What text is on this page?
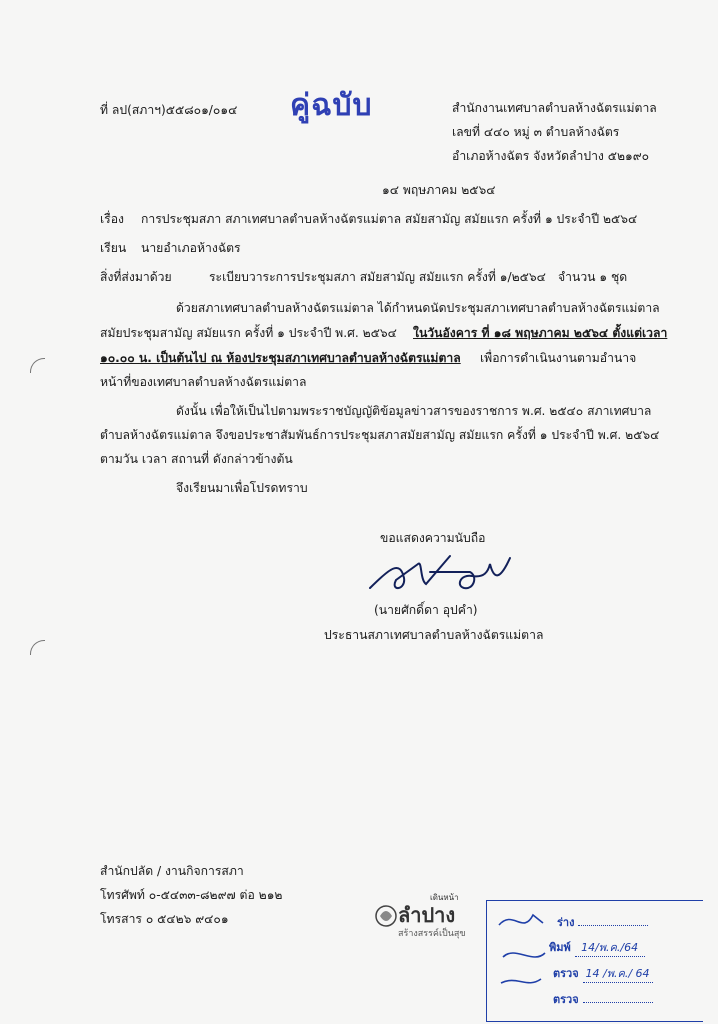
ที่ ลป(สภาฯ)๕๕๘๐๑/๐๑๔ คู่ฉบับ	สำนักงานเทศบาลตำบลห้างฉัตรแม่ตาล
เลขที่ ๔๔๐ หมู่ ๓ ตำบลห้างฉัตร
อำเภอห้างฉัตร จังหวัดลำปาง ๕๒๑๙๐
๑๔ พฤษภาคม ๒๕๖๔
เรื่อง การประชุมสภา สภาเทศบาลตำบลห้างฉัตรแม่ตาล สมัยสามัญ สมัยแรก ครั้งที่ ๑ ประจำปี ๒๕๖๔
เรียน นายอำเภอห้างฉัตร
สิ่งที่ส่งมาด้วย	ระเบียบวาระการประชุมสภา สมัยสามัญ สมัยแรก ครั้งที่ ๑/๒๕๖๔ จำนวน ๑ ชุด
ด้วยสภาเทศบาลตำบลห้างฉัตรแม่ตาล ได้กำหนดนัดประชุมสภาเทศบาลตำบลห้างฉัตรแม่ตาล
สมัยประชุมสามัญ สมัยแรก ครั้งที่ ๑ ประจำปี พ.ศ. ๒๕๖๔ ในวันอังคาร ที่ ๑๘ พฤษภาคม ๒๕๖๔ ตั้งแต่เวลา
๑๐.๐๐ น. เป็นต้นไป ณ ห้องประชุมสภาเทศบาลตำบลห้างฉัตรแม่ตาล เพื่อการดำเนินงานตามอำนาจ
หน้าที่ของเทศบาลตำบลห้างฉัตรแม่ตาล
ดังนั้น เพื่อให้เป็นไปตามพระราชบัญญัติข้อมูลข่าวสารของราชการ พ.ศ. ๒๕๔๐ สภาเทศบาล
ตำบลห้างฉัตรแม่ตาล จึงขอประชาสัมพันธ์การประชุมสภาสมัยสามัญ สมัยแรก ครั้งที่ ๑ ประจำปี พ.ศ. ๒๕๖๔
ตามวัน เวลา สถานที่ ดังกล่าวข้างต้น
จึงเรียนมาเพื่อโปรดทราบ
ขอแสดงความนับถือ
(นายศักดิ์ดา อุปคำ)
ประธานสภาเทศบาลตำบลห้างฉัตรแม่ตาล
สำนักปลัด / งานกิจการสภา
โทรศัพท์ ๐-๕๔๓๓-๘๒๙๗ ต่อ ๒๑๒
โทรสาร ๐ ๕๔๒๖ ๙๔๐๑
เดินหน้า
ลำปาง
สร้างสรรค์เป็นสุข
ร่าง
พิมพ์ 14/พ.ค./64
ตรวจ 14 /พ.ค./ 64
ตรวจ
